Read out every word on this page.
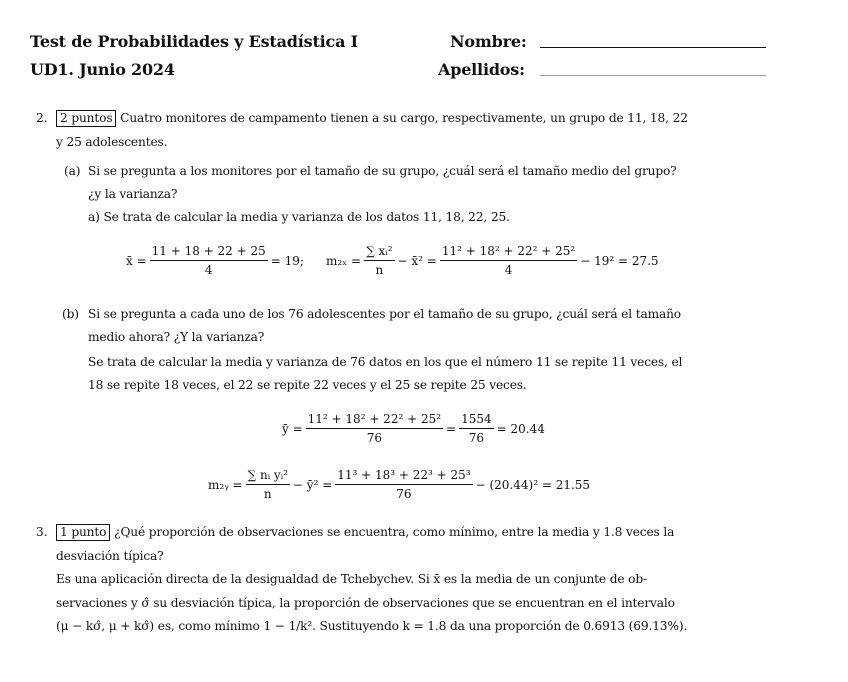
Test de Probabilidades y Estadística I
UD1. Junio 2024
Nombre:
Apellidos:
2.	2 puntos Cuatro monitores de campamento tienen a su cargo, respectivamente, un grupo de 11, 18, 22
y 25 adolescentes.
(a) Si se pregunta a los monitores por el tamaño de su grupo, ¿cuál será el tamaño medio del grupo?
¿y la varianza?
a) Se trata de calcular la media y varianza de los datos 11, 18, 22, 25.
x̄ = $\frac{11 + 18 + 22 + 25}{4} = 19$; $m_{2x} = \frac{\text{∑ xᵢ²}}{n}$ − x̄² = $\frac{\text{11² + 18² + 22² + 25²}}{4} - 19^2 = 27.5$
(b) Si se pregunta a cada uno de los 76 adolescentes por el tamaño de su grupo, ¿cuál será el tamaño
medio ahora? ¿Y la varianza?
Se trata de calcular la media y varianza de 76 datos en los que el número 11 se repite 11 veces, el
18 se repite 18 veces, el 22 se repite 22 veces y el 25 se repite 25 veces.
ȳ = $\frac{\text{11² + 18² + 22² + 25²}}{76} = \frac{1554}{76} = 20.44$
m₂ᵧ = $\frac{\text{∑ nᵢ yᵢ²}}{n}$ − ȳ² = $\frac{\text{11³ + 18³ + 22³ + 25³}}{76} - (20.44)^2 = 21.55$
3.	1 punto ¿Qué proporción de observaciones se encuentra, como mínimo, entre la media y 1.8 veces la
desviación típica?
Es una aplicación directa de la desigualdad de Tchebychev. Si x̄ es la media de un conjunte de ob-
servaciones y σ̂ su desviación típica, la proporción de observaciones que se encuentran en el intervalo
(μ − kσ̂, μ + kσ̂) es, como mínimo 1 − 1/k². Sustituyendo k = 1.8 da una proporción de 0.6913 (69.13%).
